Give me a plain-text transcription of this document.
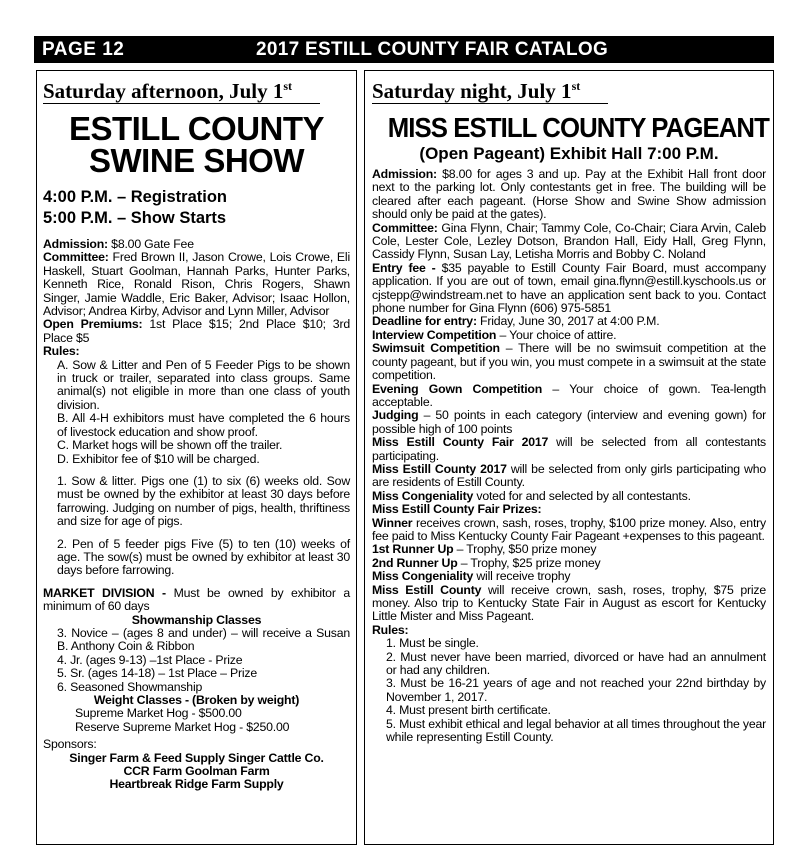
PAGE 12	2017 ESTILL COUNTY FAIR CATALOG
Saturday afternoon, July 1st
ESTILL COUNTY
SWINE SHOW
4:00 P.M. – Registration
5:00 P.M. – Show Starts

Admission: $8.00 Gate Fee

Committee: Fred Brown II, Jason Crowe, Lois Crowe, Eli Haskell, Stuart Goolman, Hannah Parks, Hunter Parks, Kenneth Rice, Ronald Rison, Chris Rogers, Shawn Singer, Jamie Waddle, Eric Baker, Advisor; Isaac Hollon, Advisor; Andrea Kirby, Advisor and Lynn Miller, Advisor

Open Premiums: 1st Place $15; 2nd Place $10; 3rd Place $5

Rules:

A. Sow & Litter and Pen of 5 Feeder Pigs to be shown in truck or trailer, separated into class groups. Same animal(s) not eligible in more than one class of youth division.

B. All 4-H exhibitors must have completed the 6 hours of livestock education and show proof.

C. Market hogs will be shown off the trailer.

D. Exhibitor fee of $10 will be charged.

1. Sow & litter. Pigs one (1) to six (6) weeks old. Sow must be owned by the exhibitor at least 30 days before farrowing. Judging on number of pigs, health, thriftiness and size for age of pigs.

2. Pen of 5 feeder pigs Five (5) to ten (10) weeks of age. The sow(s) must be owned by exhibitor at least 30 days before farrowing.

MARKET DIVISION - Must be owned by exhibitor a minimum of 60 days

Showmanship Classes

3. Novice – (ages 8 and under) – will receive a Susan B. Anthony Coin & Ribbon

4. Jr. (ages 9-13) –1st Place - Prize

5. Sr. (ages 14-18) – 1st Place – Prize

6. Seasoned Showmanship

Weight Classes - (Broken by weight)

Supreme Market Hog - $500.00

Reserve Supreme Market Hog - $250.00

Sponsors:

Singer Farm & Feed Supply Singer Cattle Co.

CCR Farm Goolman Farm

Heartbreak Ridge Farm Supply

Saturday night, July 1st
MISS ESTILL COUNTY PAGEANT
(Open Pageant) Exhibit Hall 7:00 P.M.

Admission: $8.00 for ages 3 and up. Pay at the Exhibit Hall front door next to the parking lot. Only contestants get in free. The building will be cleared after each pageant. (Horse Show and Swine Show admission should only be paid at the gates).

Committee: Gina Flynn, Chair; Tammy Cole, Co-Chair; Ciara Arvin, Caleb Cole, Lester Cole, Lezley Dotson, Brandon Hall, Eidy Hall, Greg Flynn, Cassidy Flynn, Susan Lay, Letisha Morris and Bobby C. Noland

Entry fee - $35 payable to Estill County Fair Board, must accompany application. If you are out of town, email gina.flynn@estill.kyschools.us or cjstepp@windstream.net to have an application sent back to you. Contact phone number for Gina Flynn (606) 975-5851

Deadline for entry: Friday, June 30, 2017 at 4:00 P.M.

Interview Competition – Your choice of attire.

Swimsuit Competition – There will be no swimsuit competition at the county pageant, but if you win, you must compete in a swimsuit at the state competition.

Evening Gown Competition – Your choice of gown. Tea-length acceptable.

Judging – 50 points in each category (interview and evening gown) for possible high of 100 points

Miss Estill County Fair 2017 will be selected from all contestants participating.

Miss Estill County 2017 will be selected from only girls participating who are residents of Estill County.

Miss Congeniality voted for and selected by all contestants.

Miss Estill County Fair Prizes:

Winner receives crown, sash, roses, trophy, $100 prize money. Also, entry fee paid to Miss Kentucky County Fair Pageant +expenses to this pageant.

1st Runner Up – Trophy, $50 prize money

2nd Runner Up – Trophy, $25 prize money

Miss Congeniality will receive trophy

Miss Estill County will receive crown, sash, roses, trophy, $75 prize money. Also trip to Kentucky State Fair in August as escort for Kentucky Little Mister and Miss Pageant.

Rules:

1. Must be single.

2. Must never have been married, divorced or have had an annulment or had any children.

3. Must be 16-21 years of age and not reached your 22nd birthday by November 1, 2017.

4. Must present birth certificate.

5. Must exhibit ethical and legal behavior at all times throughout the year while representing Estill County.
